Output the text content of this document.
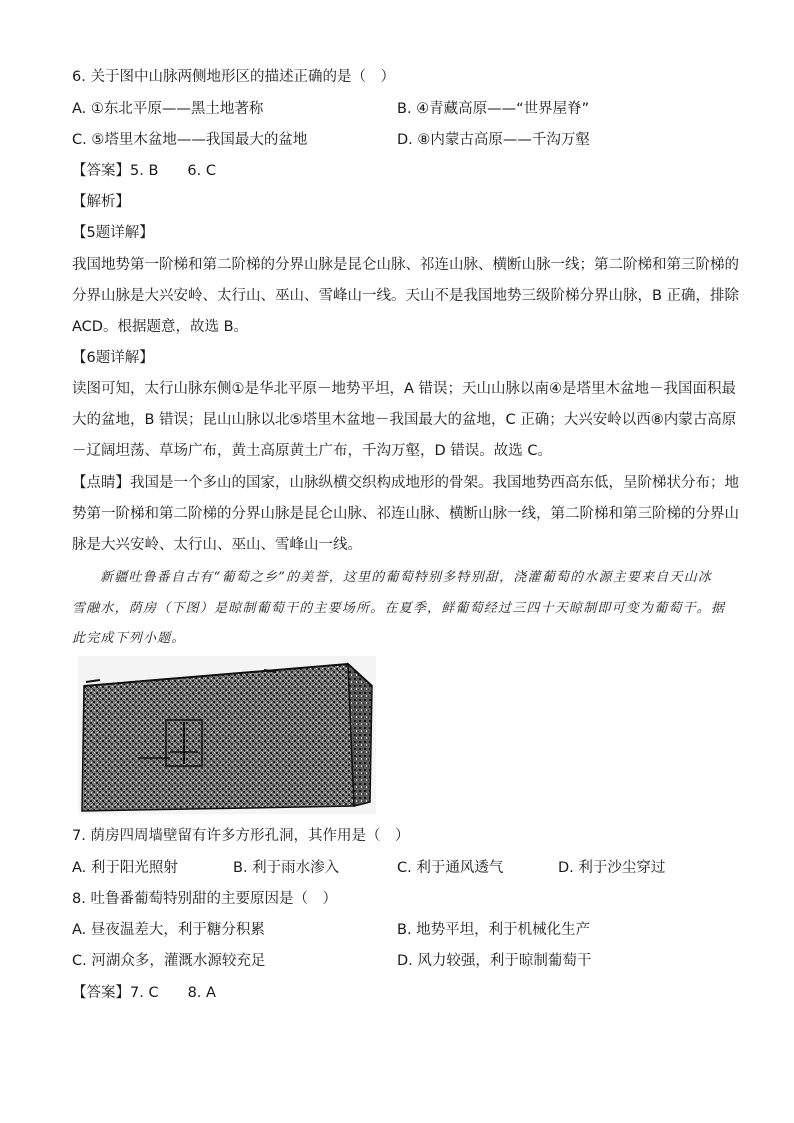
6. 关于图中山脉两侧地形区的描述正确的是（　）
A. ①东北平原——黑土地著称	B. ④青藏高原——“世界屋脊”
C. ⑤塔里木盆地——我国最大的盆地	D. ⑧内蒙古高原——千沟万壑
【答案】5. B　　6. C
【解析】
【5题详解】
我国地势第一阶梯和第二阶梯的分界山脉是昆仑山脉、祁连山脉、横断山脉一线；第二阶梯和第三阶梯的
分界山脉是大兴安岭、太行山、巫山、雪峰山一线。天山不是我国地势三级阶梯分界山脉，B 正确，排除
ACD。根据题意，故选 B。
【6题详解】
读图可知，太行山脉东侧①是华北平原－地势平坦，A 错误；天山山脉以南④是塔里木盆地－我国面积最
大的盆地，B 错误；昆山山脉以北⑤塔里木盆地－我国最大的盆地，C 正确；大兴安岭以西⑧内蒙古高原
－辽阔坦荡、草场广布，黄土高原黄土广布，千沟万壑，D 错误。故选 C。
【点睛】我国是一个多山的国家，山脉纵横交织构成地形的骨架。我国地势西高东低，呈阶梯状分布；地
势第一阶梯和第二阶梯的分界山脉是昆仑山脉、祁连山脉、横断山脉一线，第二阶梯和第三阶梯的分界山
脉是大兴安岭、太行山、巫山、雪峰山一线。
新疆吐鲁番自古有“葡萄之乡”的美誉，这里的葡萄特别多特别甜，浇灌葡萄的水源主要来自天山冰
雪融水，荫房（下图）是晾制葡萄干的主要场所。在夏季，鲜葡萄经过三四十天晾制即可变为葡萄干。据
此完成下列小题。
7. 荫房四周墙壁留有许多方形孔洞，其作用是（　）
A. 利于阳光照射	B. 利于雨水渗入	C. 利于通风透气	D. 利于沙尘穿过
8. 吐鲁番葡萄特别甜的主要原因是（　）
A. 昼夜温差大，利于糖分积累	B. 地势平坦，利于机械化生产
C. 河湖众多，灌溉水源较充足	D. 风力较强，利于晾制葡萄干
【答案】7. C　　8. A
